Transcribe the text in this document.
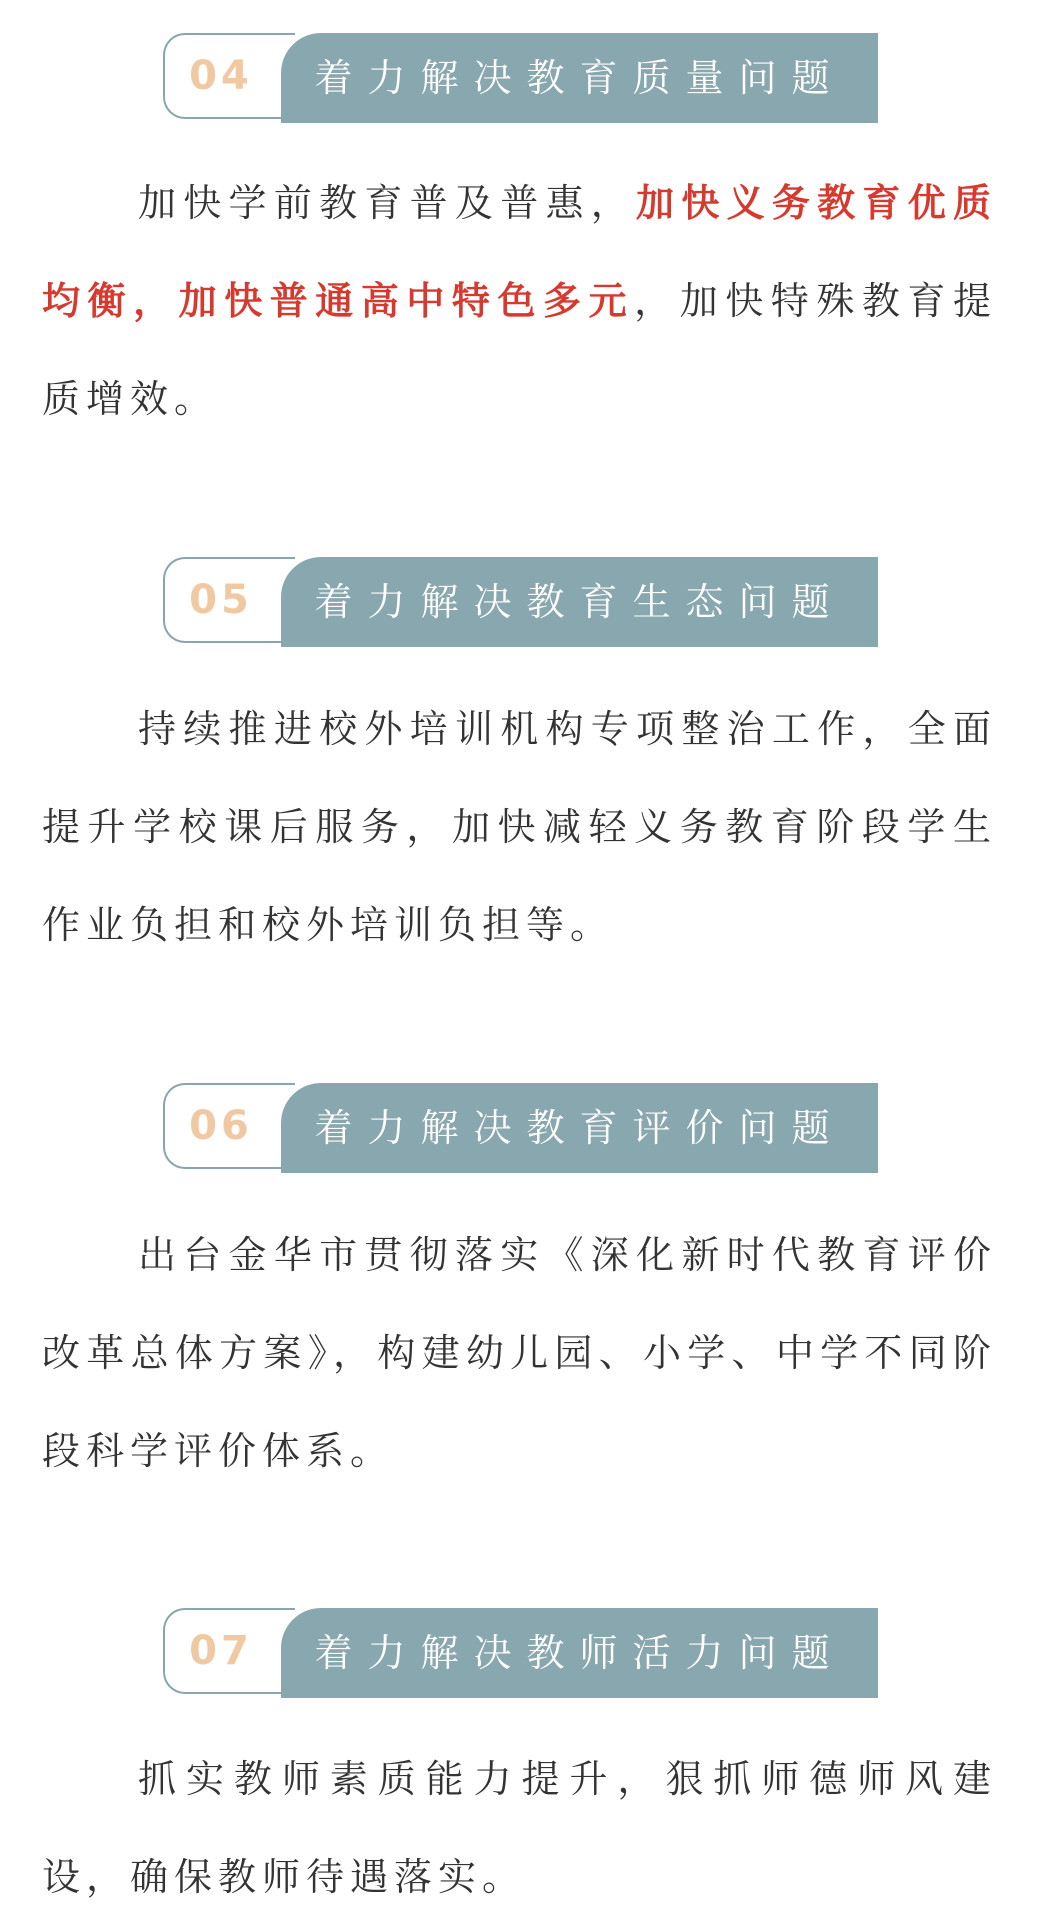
04	着力解决教育质量问题

加快学前教育普及普惠，加快义务教育优质均衡，加快普通高中特色多元，加快特殊教育提质增效。

05	着力解决教育生态问题

持续推进校外培训机构专项整治工作，全面提升学校课后服务，加快减轻义务教育阶段学生作业负担和校外培训负担等。

06	着力解决教育评价问题

出台金华市贯彻落实《深化新时代教育评价改革总体方案》，构建幼儿园、小学、中学不同阶段科学评价体系。

07	着力解决教师活力问题

抓实教师素质能力提升，狠抓师德师风建设，确保教师待遇落实。
